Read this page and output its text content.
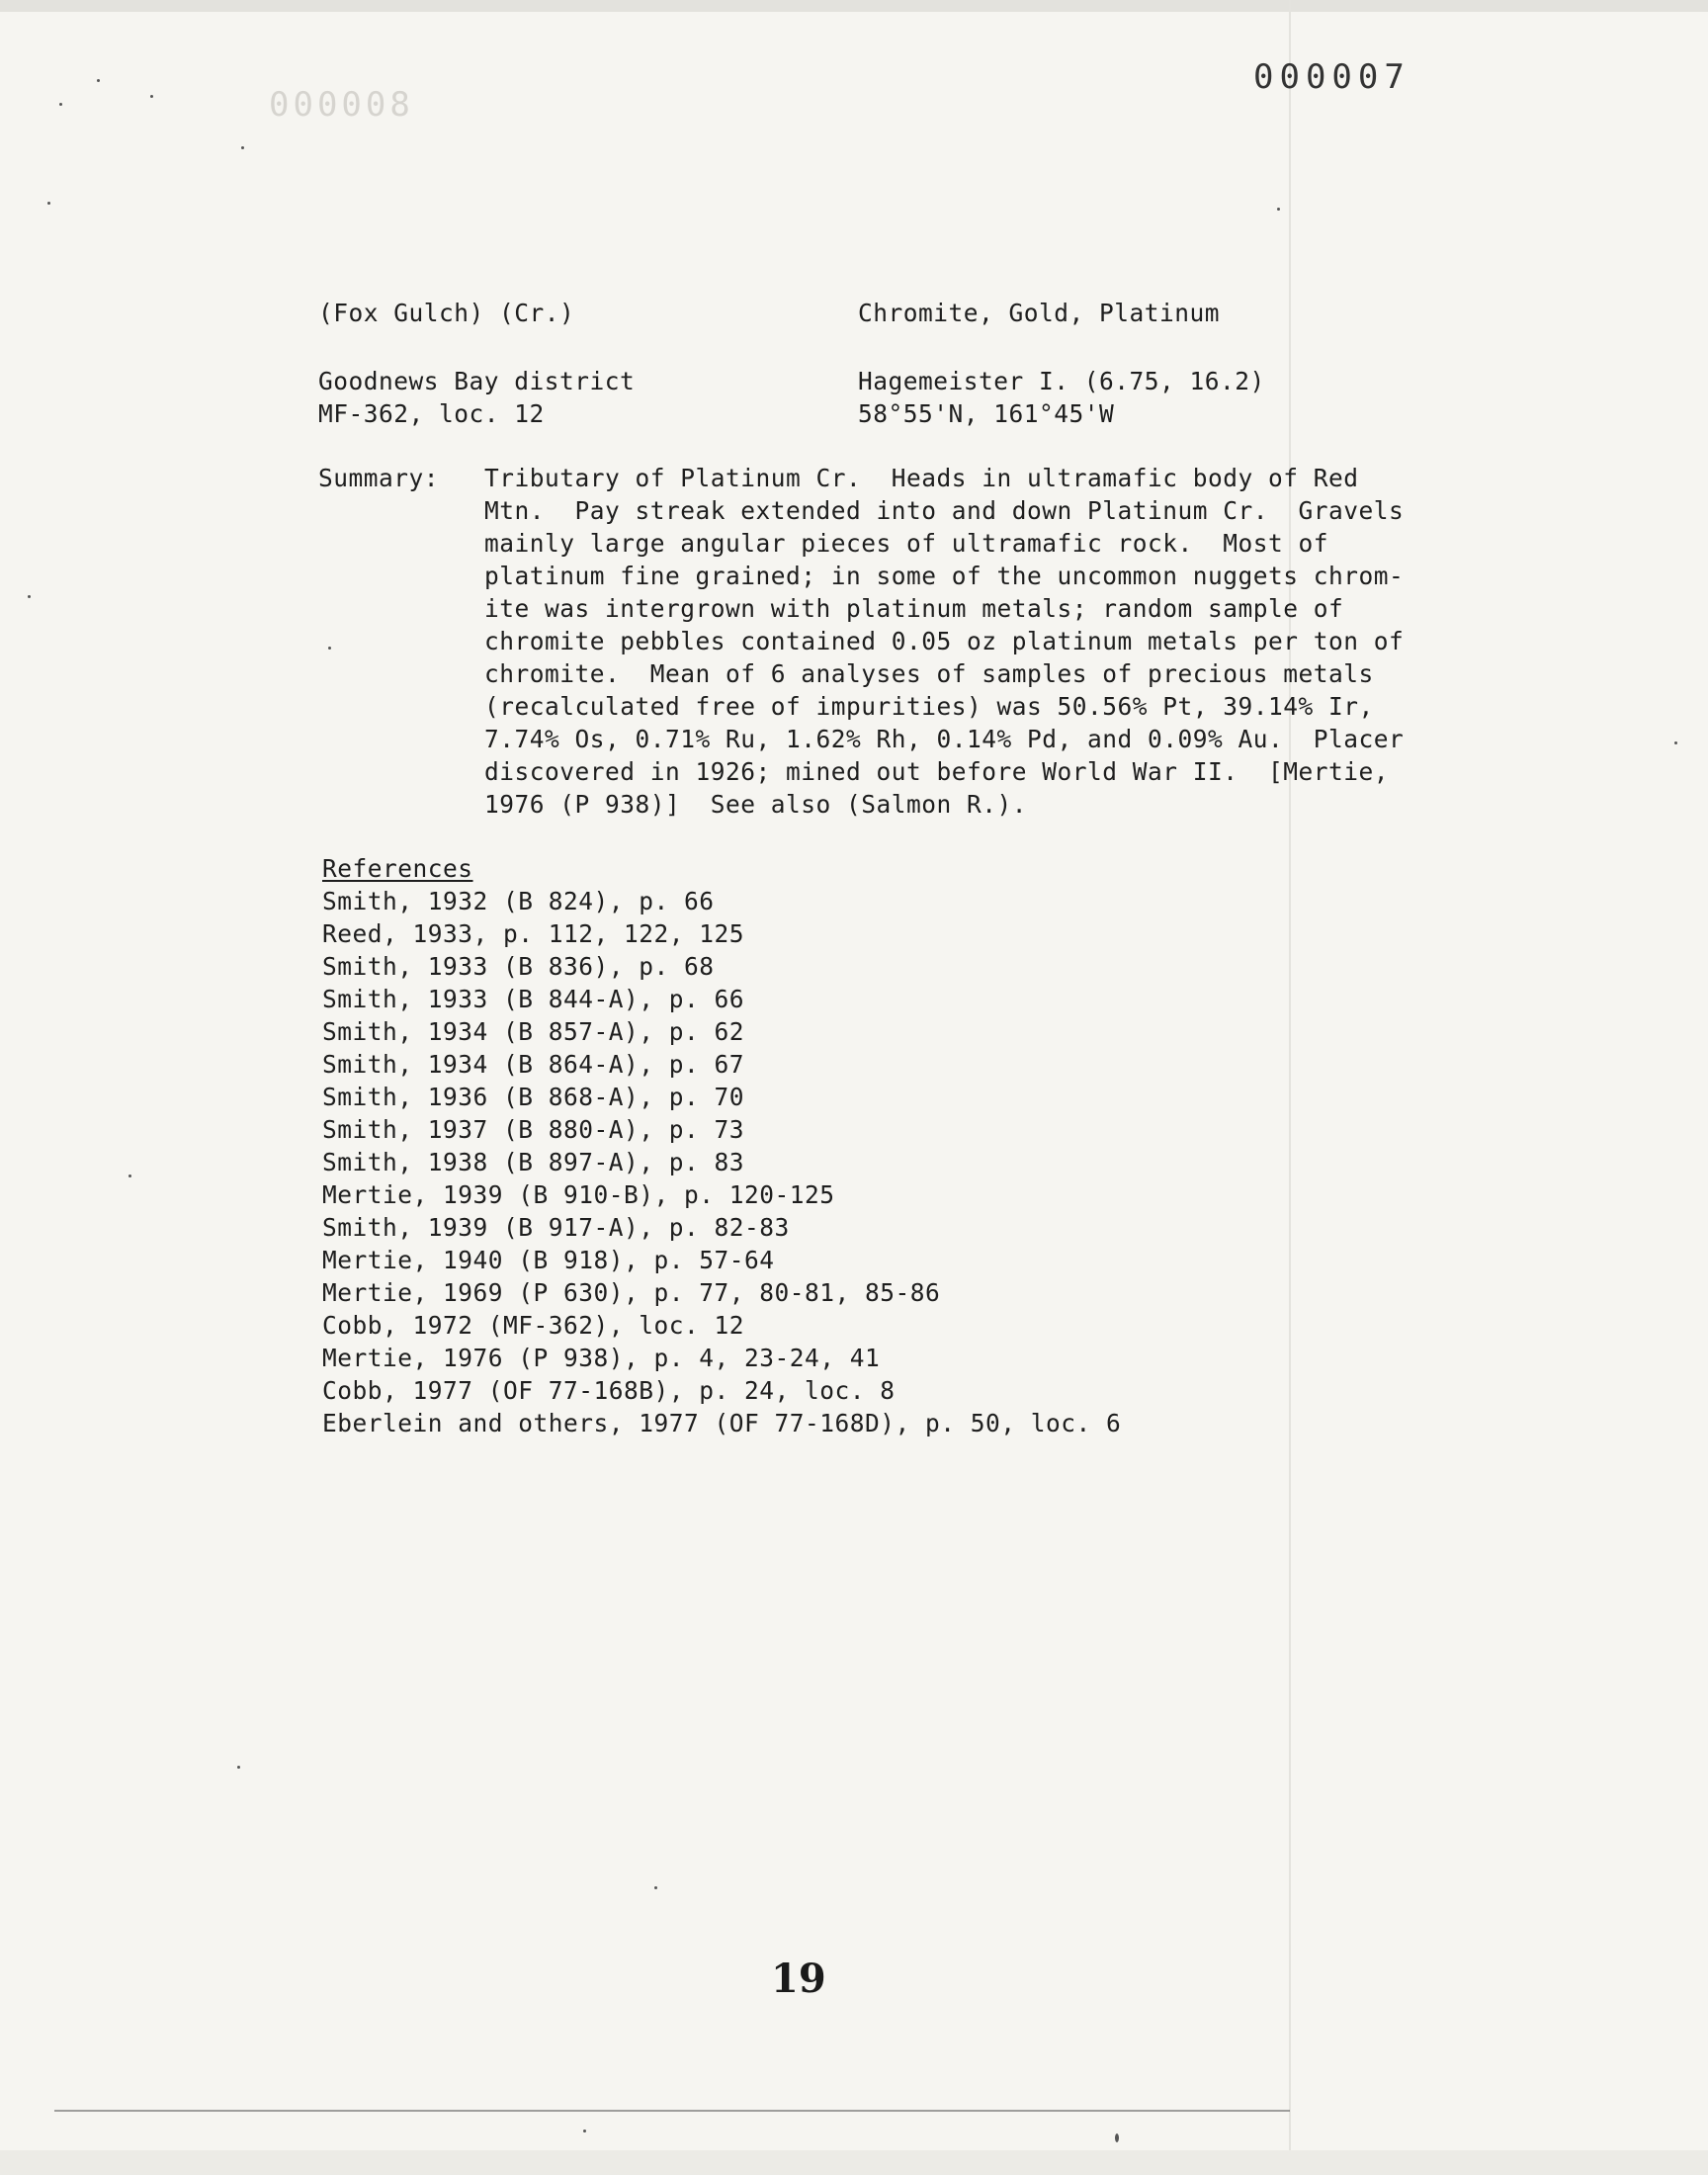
000008
000007
(Fox Gulch) (Cr.)	Chromite, Gold, Platinum
Goodnews Bay district	Hagemeister I. (6.75, 16.2)
MF-362, loc. 12	58°55'N, 161°45'W
Summary: Tributary of Platinum Cr.  Heads in ultramafic body of Red
Mtn.  Pay streak extended into and down Platinum Cr.  Gravels
mainly large angular pieces of ultramafic rock.  Most of
platinum fine grained; in some of the uncommon nuggets chrom-
ite was intergrown with platinum metals; random sample of
chromite pebbles contained 0.05 oz platinum metals per ton of
chromite.  Mean of 6 analyses of samples of precious metals
(recalculated free of impurities) was 50.56% Pt, 39.14% Ir,
7.74% Os, 0.71% Ru, 1.62% Rh, 0.14% Pd, and 0.09% Au.  Placer
discovered in 1926; mined out before World War II.  [Mertie,
1976 (P 938)]  See also (Salmon R.).
References
Smith, 1932 (B 824), p. 66
Reed, 1933, p. 112, 122, 125
Smith, 1933 (B 836), p. 68
Smith, 1933 (B 844-A), p. 66
Smith, 1934 (B 857-A), p. 62
Smith, 1934 (B 864-A), p. 67
Smith, 1936 (B 868-A), p. 70
Smith, 1937 (B 880-A), p. 73
Smith, 1938 (B 897-A), p. 83
Mertie, 1939 (B 910-B), p. 120-125
Smith, 1939 (B 917-A), p. 82-83
Mertie, 1940 (B 918), p. 57-64
Mertie, 1969 (P 630), p. 77, 80-81, 85-86
Cobb, 1972 (MF-362), loc. 12
Mertie, 1976 (P 938), p. 4, 23-24, 41
Cobb, 1977 (OF 77-168B), p. 24, loc. 8
Eberlein and others, 1977 (OF 77-168D), p. 50, loc. 6
19
